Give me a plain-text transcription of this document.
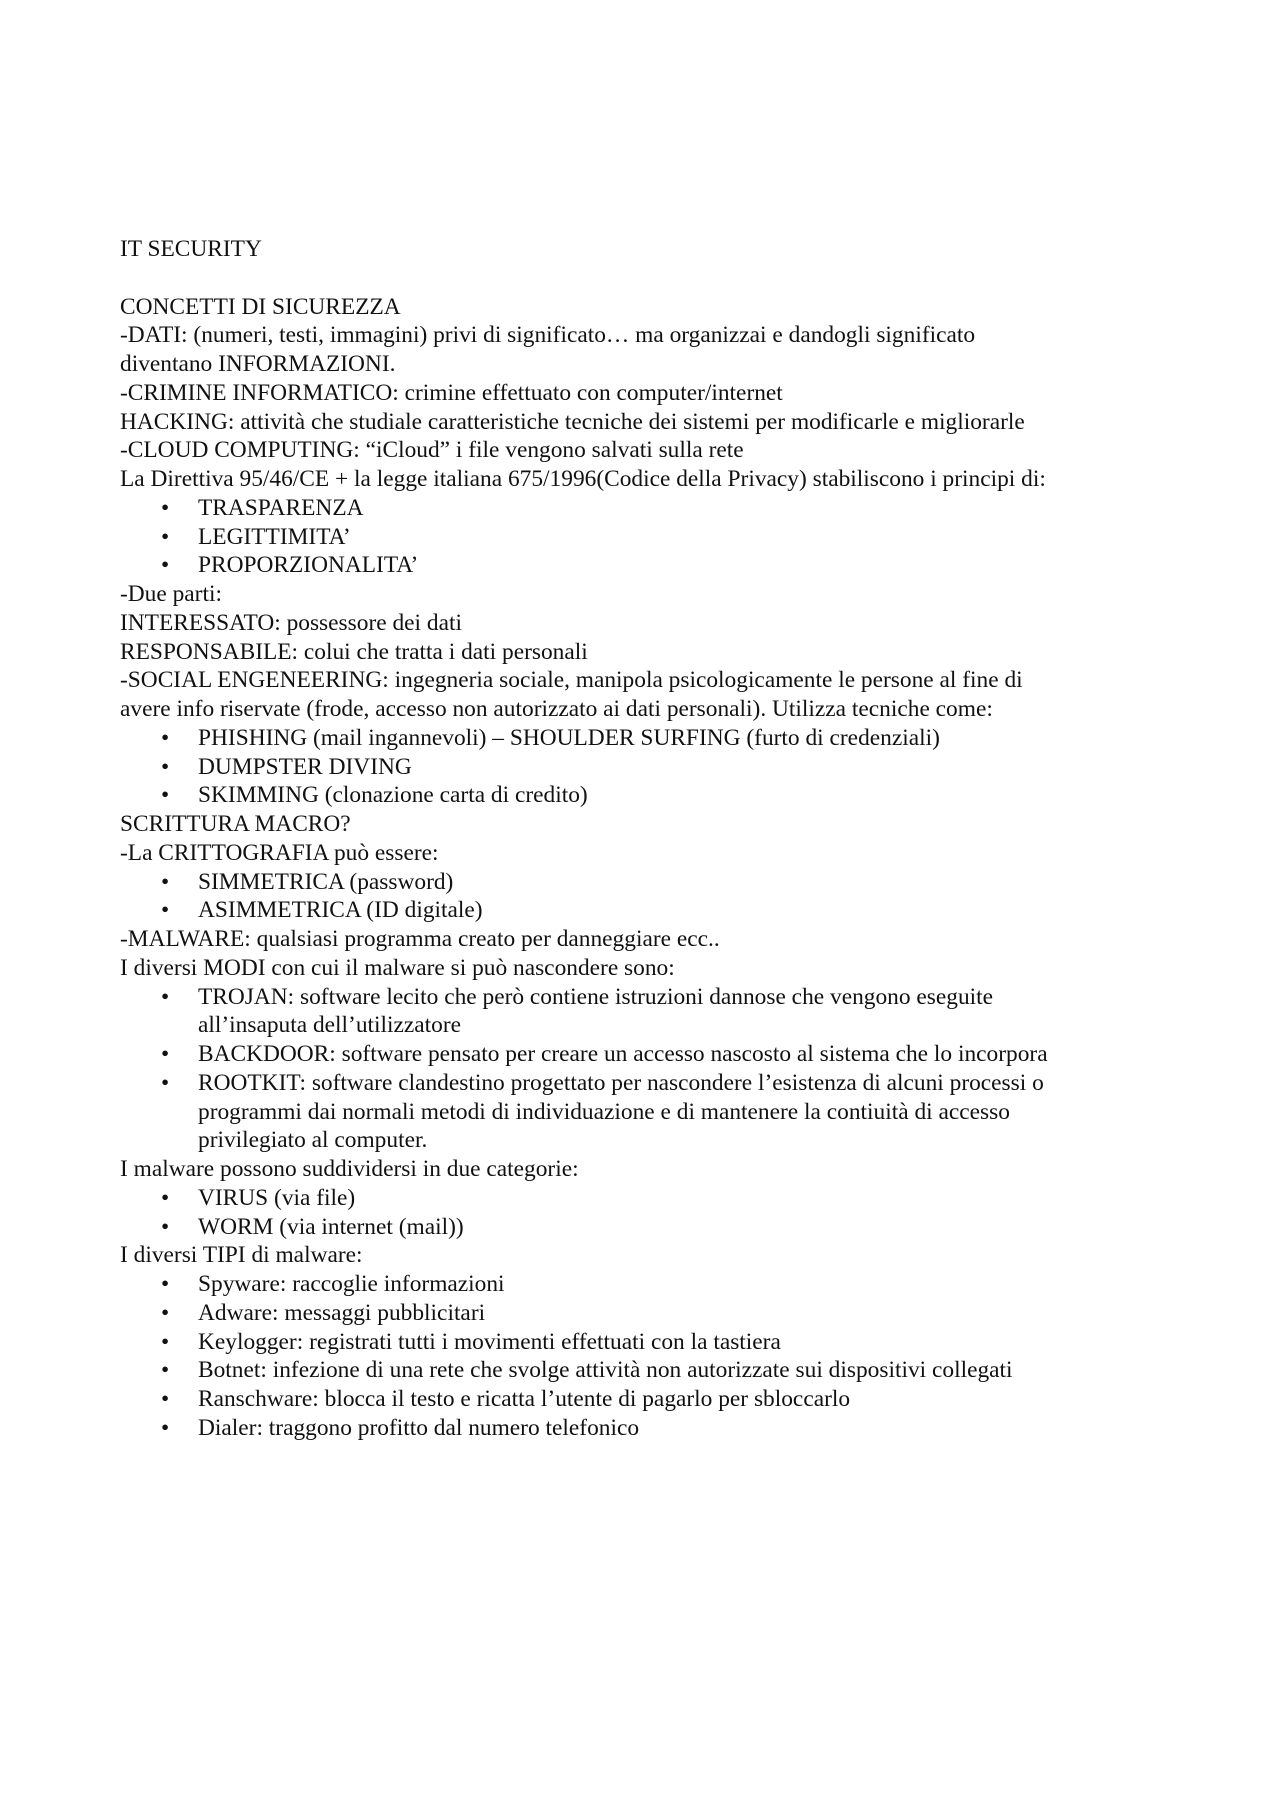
IT SECURITY

CONCETTI DI SICUREZZA

-DATI: (numeri, testi, immagini) privi di significato… ma organizzai e dandogli significato

diventano INFORMAZIONI.

-CRIMINE INFORMATICO: crimine effettuato con computer/internet

HACKING: attività che studiale caratteristiche tecniche dei sistemi per modificarle e migliorarle

-CLOUD COMPUTING: “iCloud” i file vengono salvati sulla rete

La Direttiva 95/46/CE + la legge italiana 675/1996(Codice della Privacy) stabiliscono i principi di:

• TRASPARENZA
• LEGITTIMITA’
• PROPORZIONALITA’

-Due parti:

INTERESSATO: possessore dei dati

RESPONSABILE: colui che tratta i dati personali

-SOCIAL ENGENEERING: ingegneria sociale, manipola psicologicamente le persone al fine di

avere info riservate (frode, accesso non autorizzato ai dati personali). Utilizza tecniche come:

• PHISHING (mail ingannevoli) – SHOULDER SURFING (furto di credenziali)
• DUMPSTER DIVING
• SKIMMING (clonazione carta di credito)

SCRITTURA MACRO?

-La CRITTOGRAFIA può essere:

• SIMMETRICA (password)
• ASIMMETRICA (ID digitale)

-MALWARE: qualsiasi programma creato per danneggiare ecc..

I diversi MODI con cui il malware si può nascondere sono:

• TROJAN: software lecito che però contiene istruzioni dannose che vengono eseguite
all’insaputa dell’utilizzatore
• BACKDOOR: software pensato per creare un accesso nascosto al sistema che lo incorpora
• ROOTKIT: software clandestino progettato per nascondere l’esistenza di alcuni processi o
programmi dai normali metodi di individuazione e di mantenere la contiuità di accesso
privilegiato al computer.

I malware possono suddividersi in due categorie:

• VIRUS (via file)
• WORM (via internet (mail))

I diversi TIPI di malware:

• Spyware: raccoglie informazioni
• Adware: messaggi pubblicitari
• Keylogger: registrati tutti i movimenti effettuati con la tastiera
• Botnet: infezione di una rete che svolge attività non autorizzate sui dispositivi collegati
• Ranschware: blocca il testo e ricatta l’utente di pagarlo per sbloccarlo
• Dialer: traggono profitto dal numero telefonico
